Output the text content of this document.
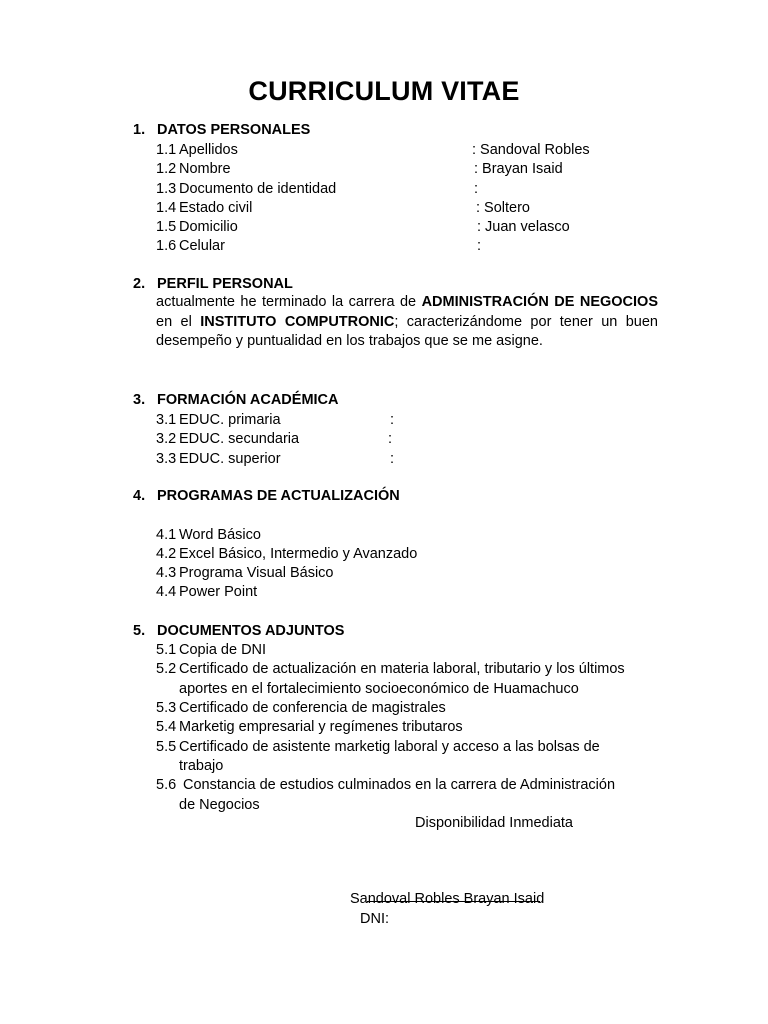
CURRICULUM VITAE
1. DATOS PERSONALES
1.1 Apellidos	: Sandoval Robles
1.2 Nombre	: Brayan Isaid
1.3 Documento de identidad	:
1.4 Estado civil	: Soltero
1.5 Domicilio	: Juan velasco
1.6 Celular	:
2. PERFIL PERSONAL
actualmente he terminado la carrera de ADMINISTRACIÓN DE NEGOCIOS en el INSTITUTO COMPUTRONIC; caracterizándome por tener un buen desempeño y puntualidad en los trabajos que se me asigne.
3. FORMACIÓN ACADÉMICA
3.1 EDUC. primaria	:
3.2 EDUC. secundaria	:
3.3 EDUC. superior	:
4. PROGRAMAS DE ACTUALIZACIÓN
4.1 Word Básico
4.2 Excel Básico, Intermedio y Avanzado
4.3 Programa Visual Básico
4.4 Power Point
5. DOCUMENTOS ADJUNTOS
5.1 Copia de DNI
5.2 Certificado de actualización en materia laboral, tributario y los últimos
aportes en el fortalecimiento socioeconómico de Huamachuco
5.3 Certificado de conferencia de magistrales
5.4 Marketig empresarial y regímenes tributaros
5.5 Certificado de asistente marketig laboral y acceso a las bolsas de
trabajo
5.6 Constancia de estudios culminados en la carrera de Administración
de Negocios
Disponibilidad Inmediata
Sandoval Robles Brayan Isaid
DNI:
